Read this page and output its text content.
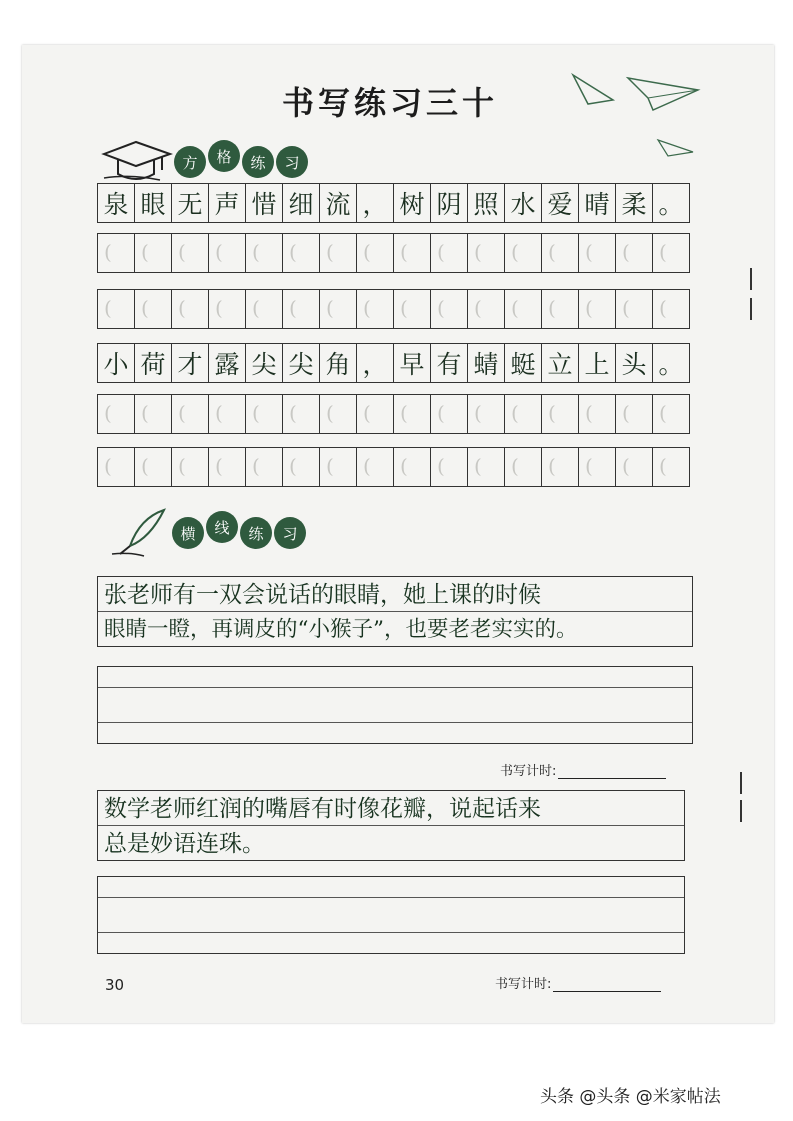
书写练习三十
方	格	练	习
泉 眼 无 声 惜 细 流 ， 树 阴 照 水 爱 晴 柔 。
(
(
(
(
(
(
(
(
(
(
(
(
(
(
(
(
(
(
(
(
(
(
(
(
(
(
(
(
(
(
(
(
小 荷 才 露 尖 尖 角 ， 早 有 蜻 蜓 立 上 头 。
(
(
(
(
(
(
(
(
(
(
(
(
(
(
(
(
(
(
(
(
(
(
(
(
(
(
(
(
(
(
(
(
横	线	练	习
张老师有一双会说话的眼睛，她上课的时候
眼睛一瞪，再调皮的“小猴子”，也要老老实实的。
书写计时:
数学老师红润的嘴唇有时像花瓣，说起话来
总是妙语连珠。
书写计时:
30
头条 @头条 @米家帖法
